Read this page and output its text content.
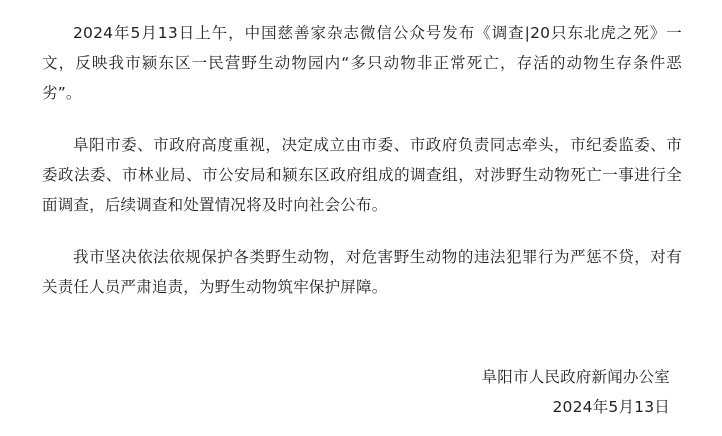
2024年5月13日上午，中国慈善家杂志微信公众号发布《调查|20只东北虎之死》一文，反映我市颍东区一民营野生动物园内“多只动物非正常死亡，存活的动物生存条件恶劣”。

阜阳市委、市政府高度重视，决定成立由市委、市政府负责同志牵头，市纪委监委、市委政法委、市林业局、市公安局和颍东区政府组成的调查组，对涉野生动物死亡一事进行全面调查，后续调查和处置情况将及时向社会公布。

我市坚决依法依规保护各类野生动物，对危害野生动物的违法犯罪行为严惩不贷，对有关责任人员严肃追责，为野生动物筑牢保护屏障。

阜阳市人民政府新闻办公室
2024年5月13日
